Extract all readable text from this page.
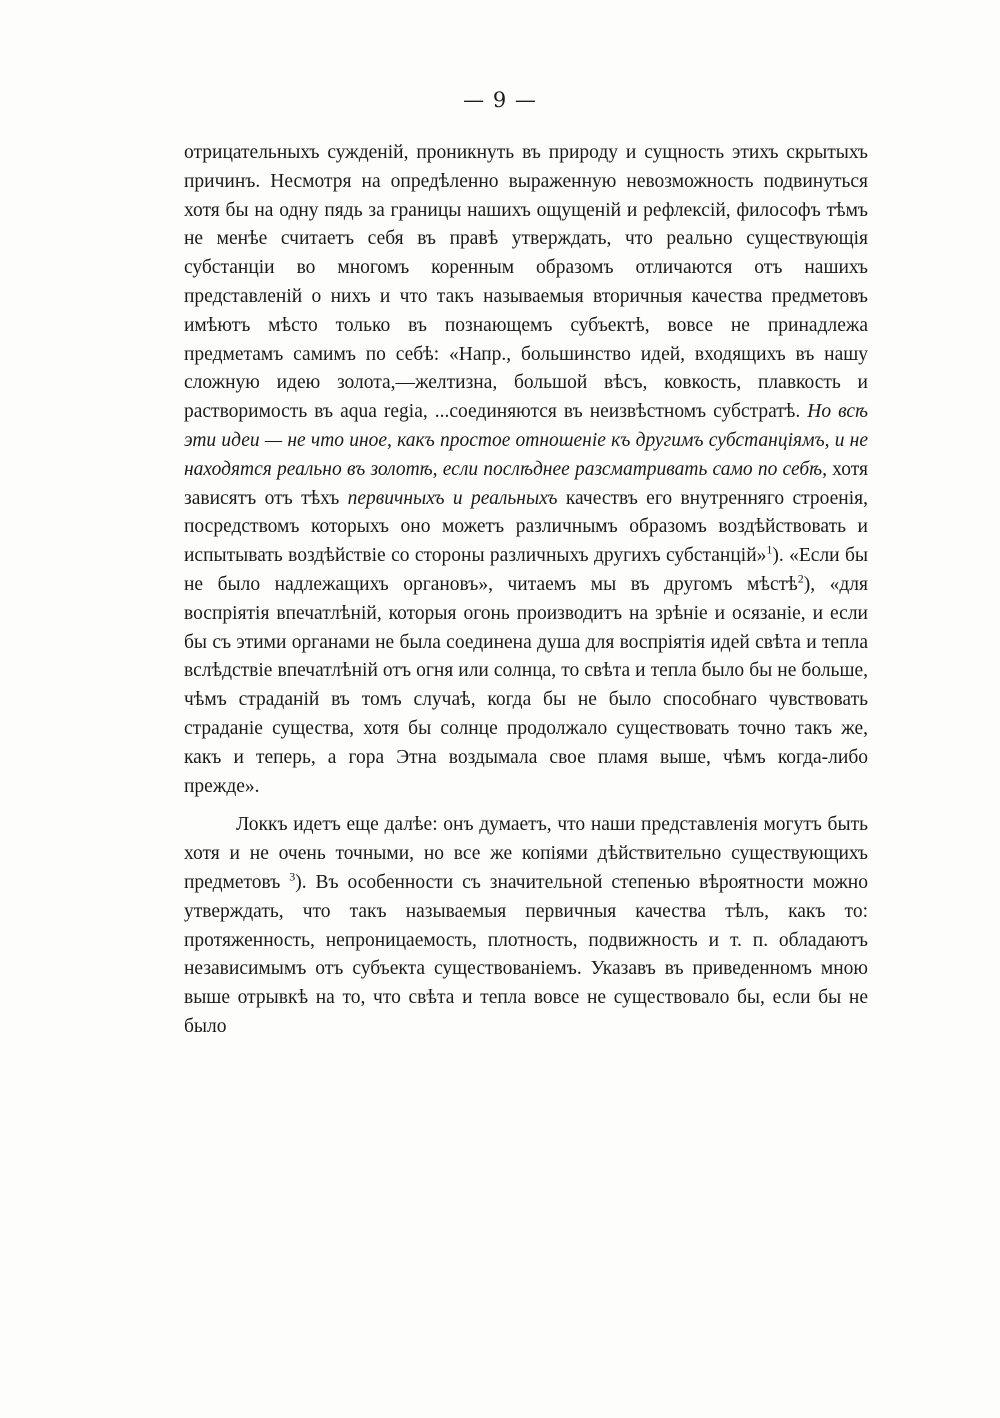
— 9 —

отрицательныхъ сужденій, проникнуть въ природу и сущность этихъ скрытыхъ причинъ. Несмотря на опредѣленно выраженную невозможность подвинуться хотя бы на одну пядь за границы нашихъ ощущеній и рефлексій, философъ тѣмъ не менѣе считаетъ себя въ правѣ утверждать, что реально существующія субстанціи во многомъ коренным образомъ отличаются отъ нашихъ представленій о нихъ и что такъ называемыя вторичныя качества предметовъ имѣютъ мѣсто только въ познающемъ субъектѣ, вовсе не принадлежа предметамъ самимъ по себѣ: «Напр., большинство идей, входящихъ въ нашу сложную идею золота,—желтизна, большой вѣсъ, ковкость, плавкость и растворимость въ aqua regia, ...соединяются въ неизвѣстномъ субстратѣ. Но всѣ эти идеи — не что иное, какъ простое отношеніе къ другимъ субстанціямъ, и не находятся реально въ золотѣ, если послѣднее разсматривать само по себѣ, хотя зависятъ отъ тѣхъ первичныхъ и реальныхъ качествъ его внутренняго строенія, посредствомъ которыхъ оно можетъ различнымъ образомъ воздѣйствовать и испытывать воздѣйствіе со стороны различныхъ другихъ субстанцій»$^1$). «Если бы не было надлежащихъ органовъ», читаемъ мы въ другомъ мѣстѣ$^2$), «для воспріятія впечатлѣній, которыя огонь производитъ на зрѣніе и осязаніе, и если бы съ этими органами не была соединена душа для воспріятія идей свѣта и тепла вслѣдствіе впечатлѣній отъ огня или солнца, то свѣта и тепла было бы не больше, чѣмъ страданій въ томъ случаѣ, когда бы не было способнаго чувствовать страданіе существа, хотя бы солнце продолжало существовать точно такъ же, какъ и теперь, а гора Этна воздымала свое пламя выше, чѣмъ когда-либо прежде».

Локкъ идетъ еще далѣе: онъ думаетъ, что наши представленія могутъ быть хотя и не очень точными, но все же копіями дѣйствительно существующихъ предметовъ $^3$). Въ особенности съ значительной степенью вѣроятности можно утверждать, что такъ называемыя первичныя качества тѣлъ, какъ то: протяженность, непроницаемость, плотность, подвижность и т. п. обладаютъ независимымъ отъ субъекта существованіемъ. Указавъ въ приведенномъ мною выше отрывкѣ на то, что свѣта и тепла вовсе не существовало бы, если бы не было
